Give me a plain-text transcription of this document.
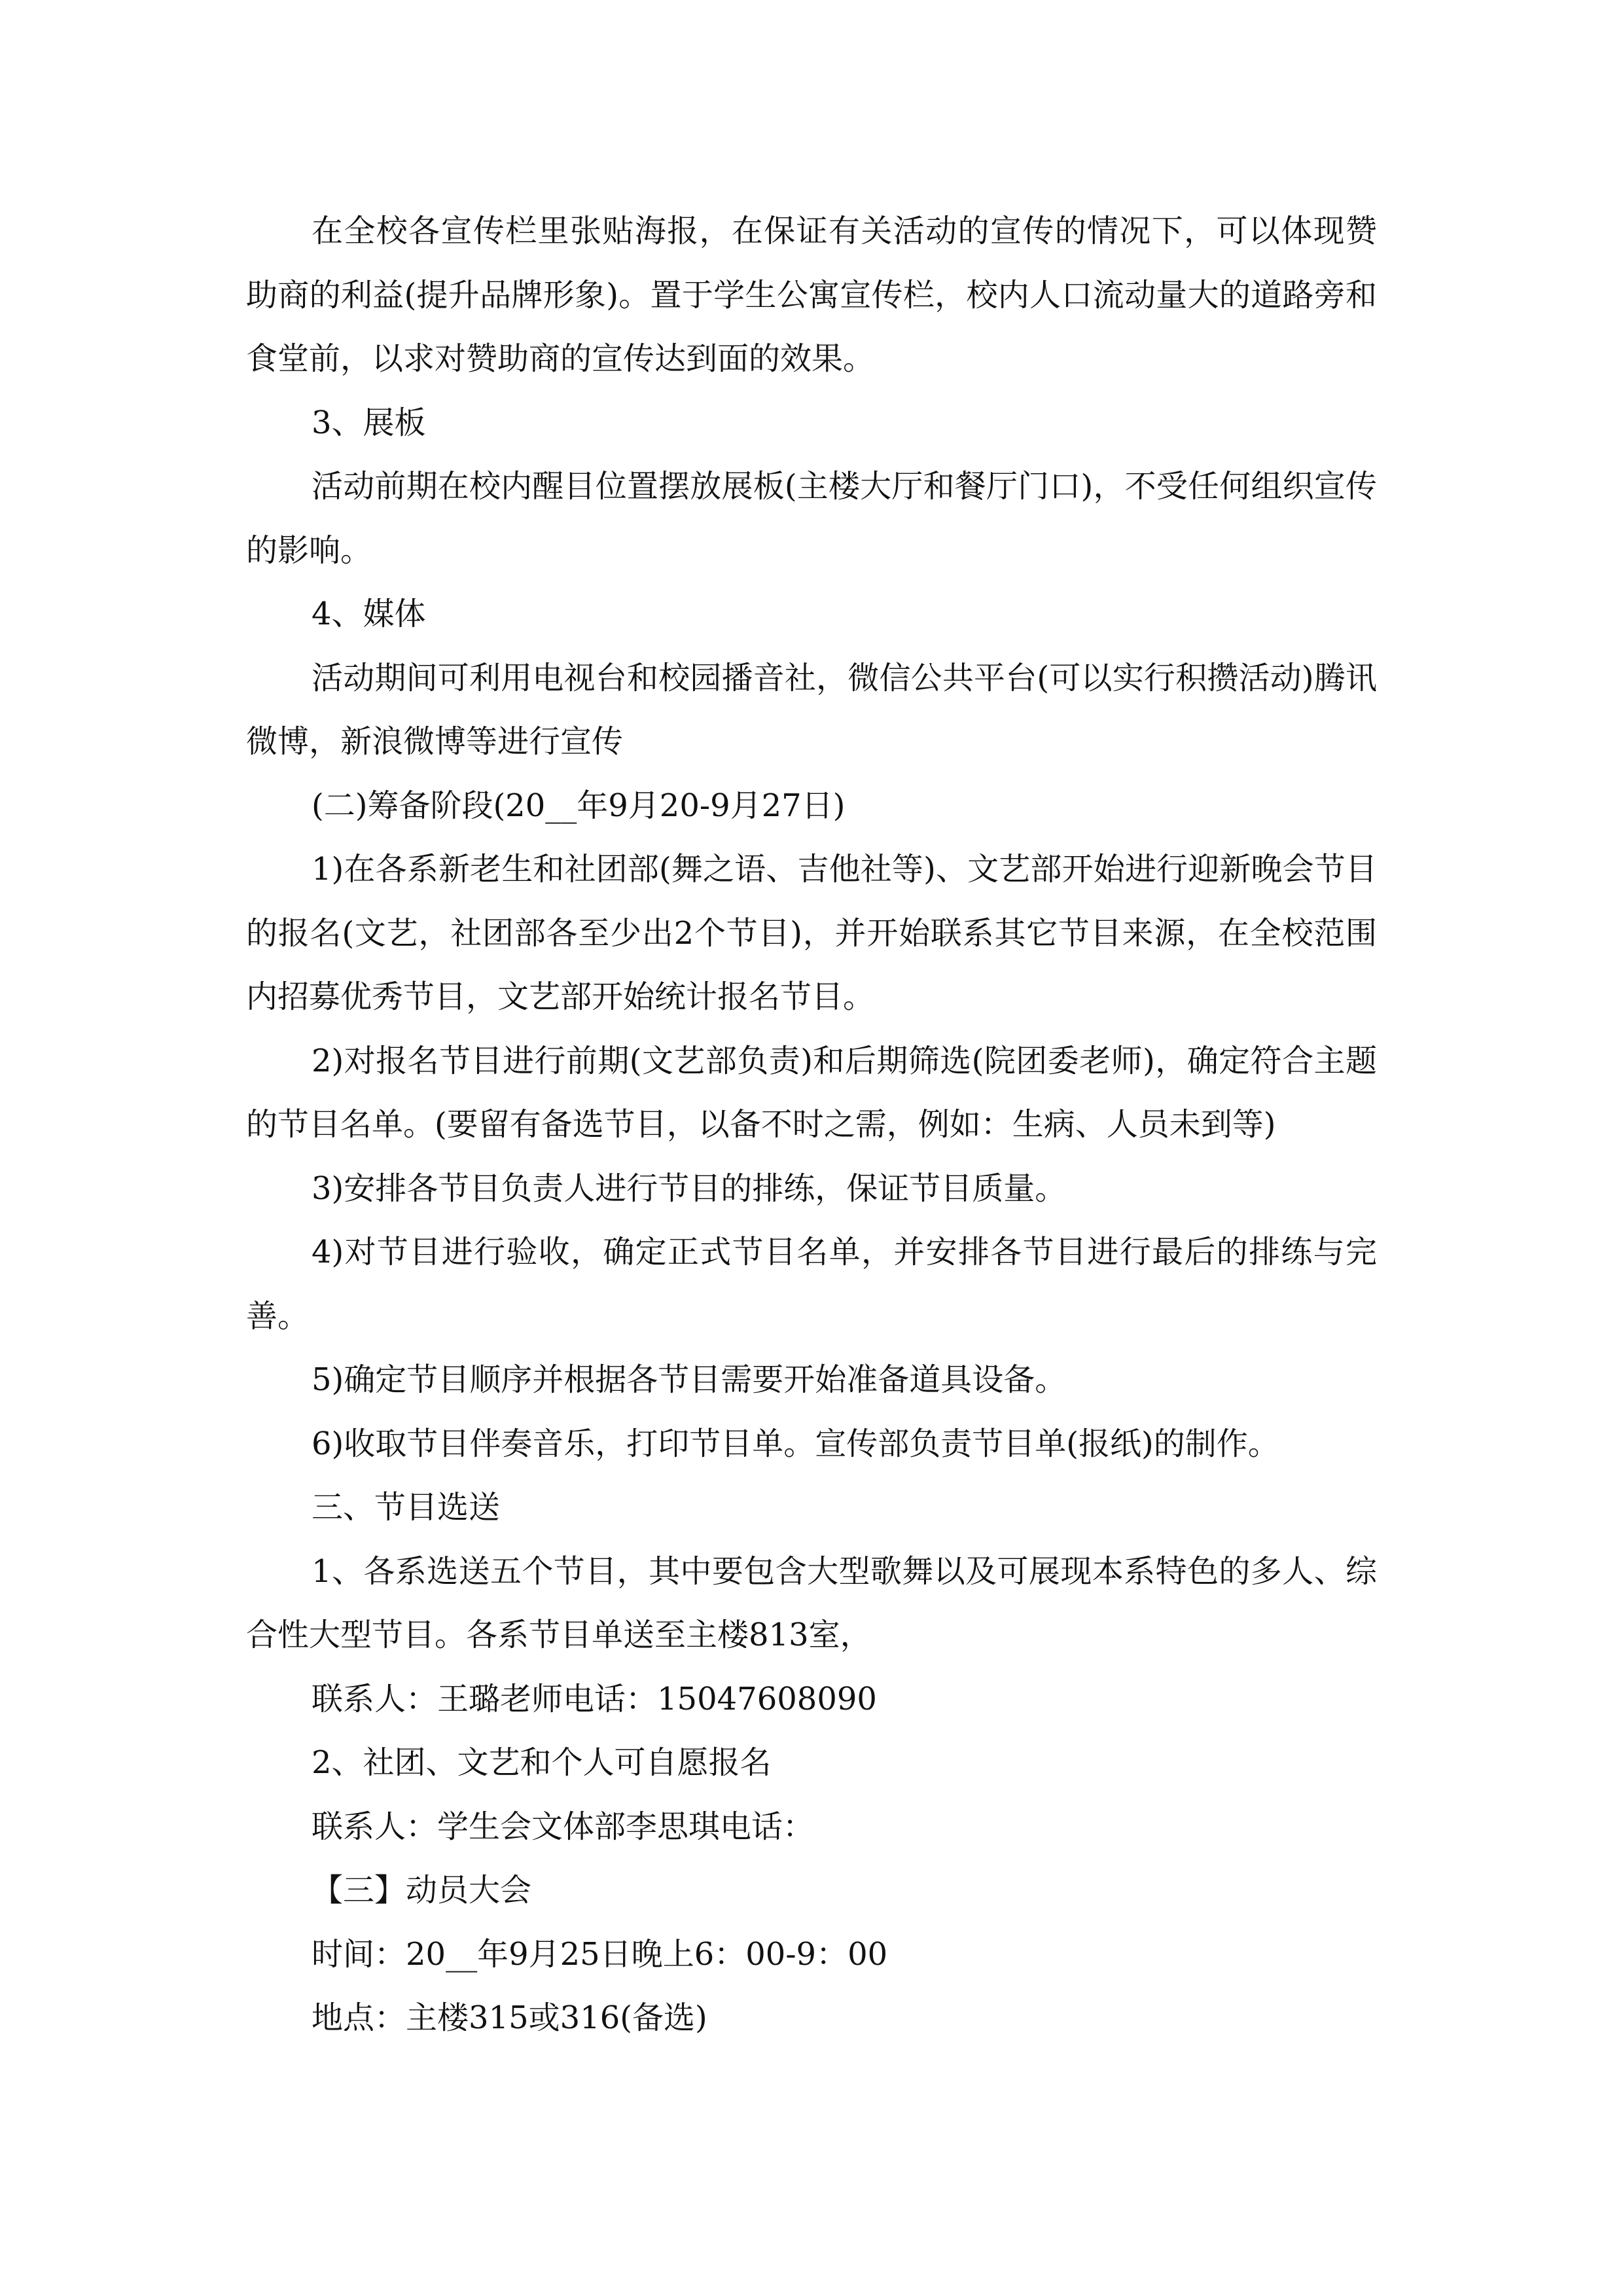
在全校各宣传栏里张贴海报，在保证有关活动的宣传的情况下，可以体现赞助商的利益(提升品牌形象)。置于学生公寓宣传栏，校内人口流动量大的道路旁和食堂前，以求对赞助商的宣传达到面的效果。

3、展板

活动前期在校内醒目位置摆放展板(主楼大厅和餐厅门口)，不受任何组织宣传的影响。

4、媒体

活动期间可利用电视台和校园播音社，微信公共平台(可以实行积攒活动)腾讯微博，新浪微博等进行宣传

(二)筹备阶段(20__年9月20-9月27日)

1)在各系新老生和社团部(舞之语、吉他社等)、文艺部开始进行迎新晚会节目的报名(文艺，社团部各至少出2个节目)，并开始联系其它节目来源，在全校范围内招募优秀节目，文艺部开始统计报名节目。

2)对报名节目进行前期(文艺部负责)和后期筛选(院团委老师)，确定符合主题的节目名单。(要留有备选节目，以备不时之需，例如：生病、人员未到等)

3)安排各节目负责人进行节目的排练，保证节目质量。

4)对节目进行验收，确定正式节目名单，并安排各节目进行最后的排练与完善。

5)确定节目顺序并根据各节目需要开始准备道具设备。

6)收取节目伴奏音乐，打印节目单。宣传部负责节目单(报纸)的制作。

三、节目选送

1、各系选送五个节目，其中要包含大型歌舞以及可展现本系特色的多人、综合性大型节目。各系节目单送至主楼813室，

联系人：王璐老师电话：15047608090

2、社团、文艺和个人可自愿报名

联系人：学生会文体部李思琪电话：

【三】动员大会

时间：20__年9月25日晚上6：00-9：00

地点：主楼315或316(备选)
